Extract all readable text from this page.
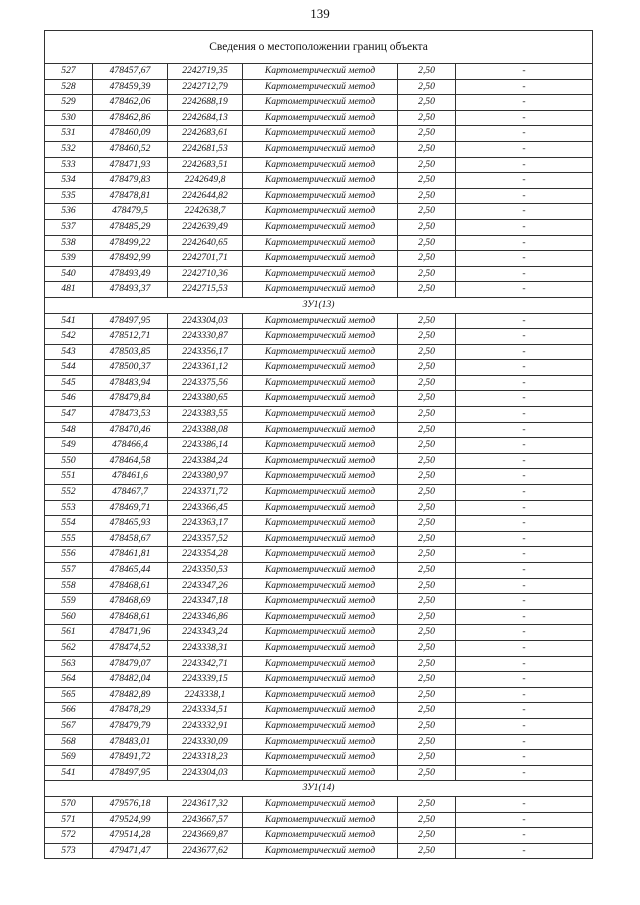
139
Сведения о местоположении границ объекта					
527	478457,67	2242719,35	Картометрический метод	2,50	-
528	478459,39	2242712,79	Картометрический метод	2,50	-
529	478462,06	2242688,19	Картометрический метод	2,50	-
530	478462,86	2242684,13	Картометрический метод	2,50	-
531	478460,09	2242683,61	Картометрический метод	2,50	-
532	478460,52	2242681,53	Картометрический метод	2,50	-
533	478471,93	2242683,51	Картометрический метод	2,50	-
534	478479,83	2242649,8	Картометрический метод	2,50	-
535	478478,81	2242644,82	Картометрический метод	2,50	-
536	478479,5	2242638,7	Картометрический метод	2,50	-
537	478485,29	2242639,49	Картометрический метод	2,50	-
538	478499,22	2242640,65	Картометрический метод	2,50	-
539	478492,99	2242701,71	Картометрический метод	2,50	-
540	478493,49	2242710,36	Картометрический метод	2,50	-
481	478493,37	2242715,53	Картометрический метод	2,50	-
ЗУ1(13)					
541	478497,95	2243304,03	Картометрический метод	2,50	-
542	478512,71	2243330,87	Картометрический метод	2,50	-
543	478503,85	2243356,17	Картометрический метод	2,50	-
544	478500,37	2243361,12	Картометрический метод	2,50	-
545	478483,94	2243375,56	Картометрический метод	2,50	-
546	478479,84	2243380,65	Картометрический метод	2,50	-
547	478473,53	2243383,55	Картометрический метод	2,50	-
548	478470,46	2243388,08	Картометрический метод	2,50	-
549	478466,4	2243386,14	Картометрический метод	2,50	-
550	478464,58	2243384,24	Картометрический метод	2,50	-
551	478461,6	2243380,97	Картометрический метод	2,50	-
552	478467,7	2243371,72	Картометрический метод	2,50	-
553	478469,71	2243366,45	Картометрический метод	2,50	-
554	478465,93	2243363,17	Картометрический метод	2,50	-
555	478458,67	2243357,52	Картометрический метод	2,50	-
556	478461,81	2243354,28	Картометрический метод	2,50	-
557	478465,44	2243350,53	Картометрический метод	2,50	-
558	478468,61	2243347,26	Картометрический метод	2,50	-
559	478468,69	2243347,18	Картометрический метод	2,50	-
560	478468,61	2243346,86	Картометрический метод	2,50	-
561	478471,96	2243343,24	Картометрический метод	2,50	-
562	478474,52	2243338,31	Картометрический метод	2,50	-
563	478479,07	2243342,71	Картометрический метод	2,50	-
564	478482,04	2243339,15	Картометрический метод	2,50	-
565	478482,89	2243338,1	Картометрический метод	2,50	-
566	478478,29	2243334,51	Картометрический метод	2,50	-
567	478479,79	2243332,91	Картометрический метод	2,50	-
568	478483,01	2243330,09	Картометрический метод	2,50	-
569	478491,72	2243318,23	Картометрический метод	2,50	-
541	478497,95	2243304,03	Картометрический метод	2,50	-
ЗУ1(14)					
570	479576,18	2243617,32	Картометрический метод	2,50	-
571	479524,99	2243667,57	Картометрический метод	2,50	-
572	479514,28	2243669,87	Картометрический метод	2,50	-
573	479471,47	2243677,62	Картометрический метод	2,50	-
